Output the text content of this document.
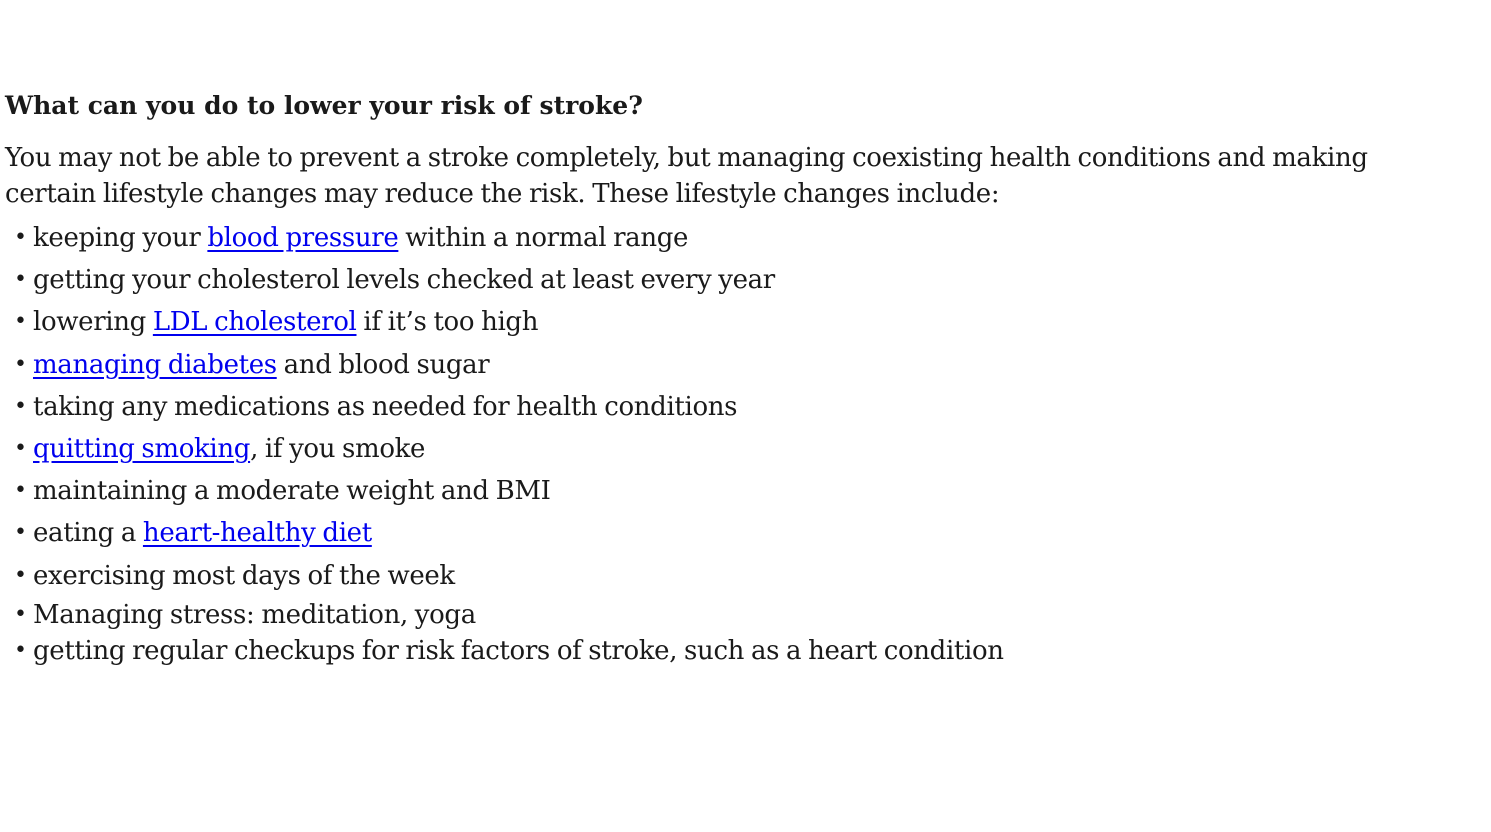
What can you do to lower your risk of stroke?

You may not be able to prevent a stroke completely, but managing coexisting health conditions and making
certain lifestyle changes may reduce the risk. These lifestyle changes include:

• keeping your blood pressure within a normal range
• getting your cholesterol levels checked at least every year
• lowering LDL cholesterol if it’s too high
• managing diabetes and blood sugar
• taking any medications as needed for health conditions
• quitting smoking, if you smoke
• maintaining a moderate weight and BMI
• eating a heart-healthy diet
• exercising most days of the week
• Managing stress: meditation, yoga
• getting regular checkups for risk factors of stroke, such as a heart condition
